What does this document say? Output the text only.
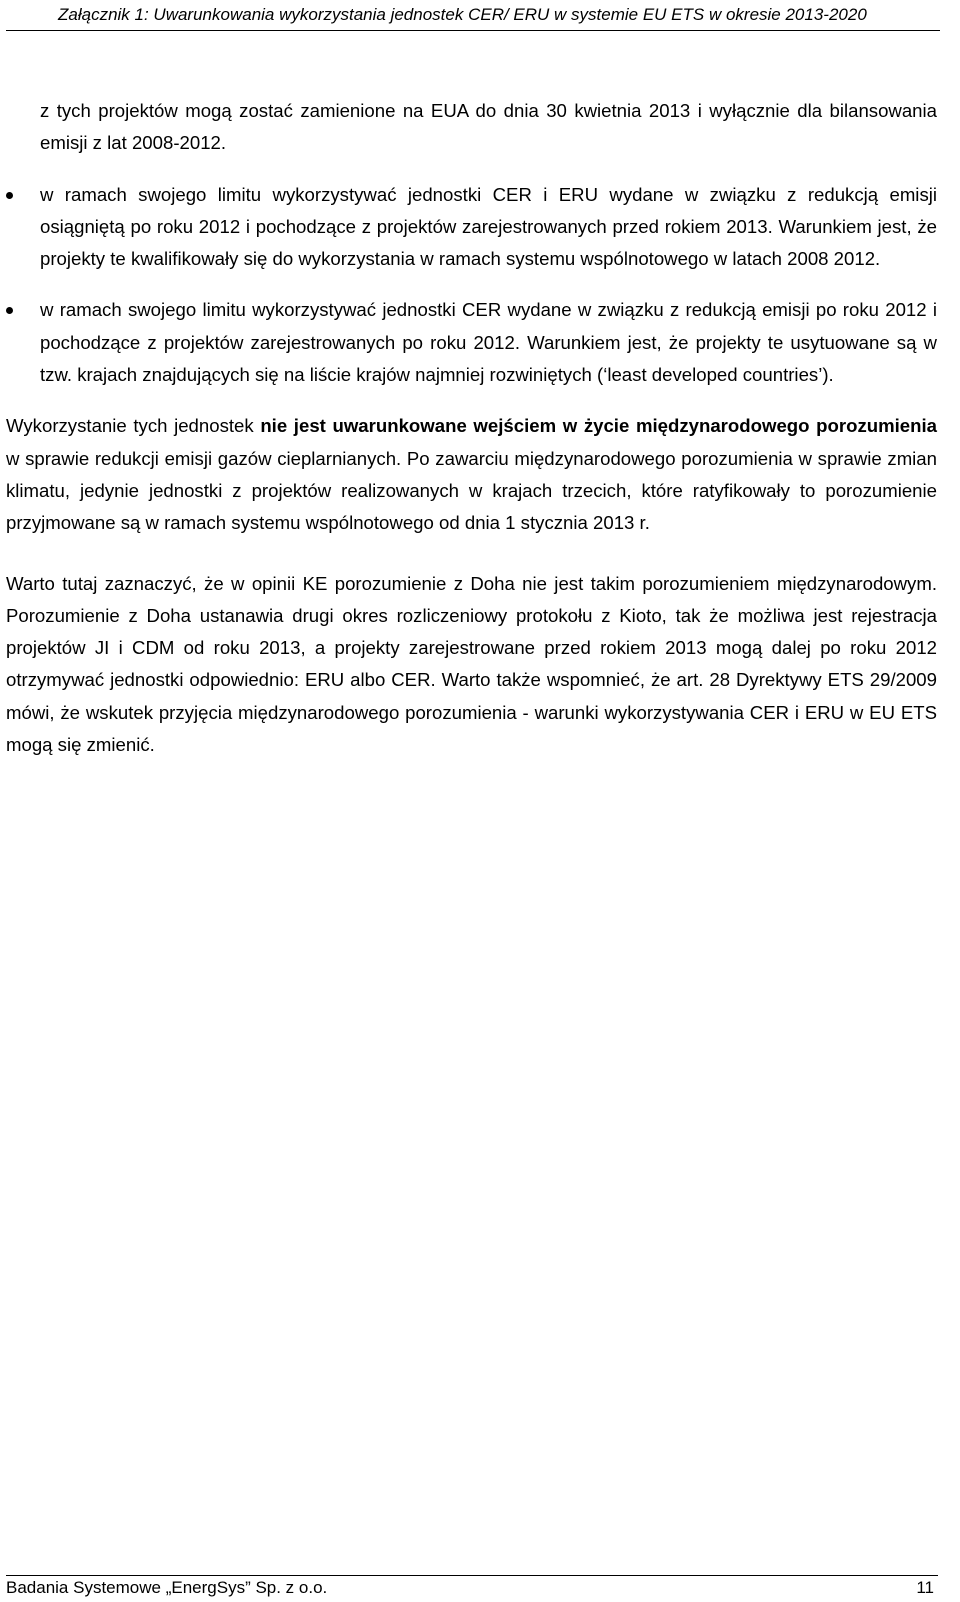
Załącznik 1: Uwarunkowania wykorzystania jednostek CER/ ERU w systemie EU ETS w okresie 2013-2020

z tych projektów mogą zostać zamienione na EUA do dnia 30 kwietnia 2013 i wyłącznie dla bilansowania emisji z lat 2008-2012.

w ramach swojego limitu wykorzystywać jednostki CER i ERU wydane w związku z redukcją emisji osiągniętą po roku 2012 i pochodzące z projektów zarejestrowanych przed rokiem 2013. Warunkiem jest, że projekty te kwalifikowały się do wykorzystania w ramach systemu wspólnotowego w latach 2008 2012.
w ramach swojego limitu wykorzystywać jednostki CER wydane w związku z redukcją emisji po roku 2012 i pochodzące z projektów zarejestrowanych po roku 2012. Warunkiem jest, że projekty te usytuowane są w tzw. krajach znajdujących się na liście krajów najmniej rozwiniętych (‘least developed countries’).

Wykorzystanie tych jednostek nie jest uwarunkowane wejściem w życie międzynarodowego porozumienia w sprawie redukcji emisji gazów cieplarnianych. Po zawarciu międzynarodowego porozumienia w sprawie zmian klimatu, jedynie jednostki z projektów realizowanych w krajach trzecich, które ratyfikowały to porozumienie przyjmowane są w ramach systemu wspólnotowego od dnia 1 stycznia 2013 r.

Warto tutaj zaznaczyć, że w opinii KE porozumienie z Doha nie jest takim porozumieniem międzynarodowym. Porozumienie z Doha ustanawia drugi okres rozliczeniowy protokołu z Kioto, tak że możliwa jest rejestracja projektów JI i CDM od roku 2013, a projekty zarejestrowane przed rokiem 2013 mogą dalej po roku 2012 otrzymywać jednostki odpowiednio: ERU albo CER. Warto także wspomnieć, że art. 28 Dyrektywy ETS 29/2009 mówi, że wskutek przyjęcia międzynarodowego porozumienia - warunki wykorzystywania CER i ERU w EU ETS mogą się zmienić.

Badania Systemowe „EnergSys” Sp. z o.o.	11
